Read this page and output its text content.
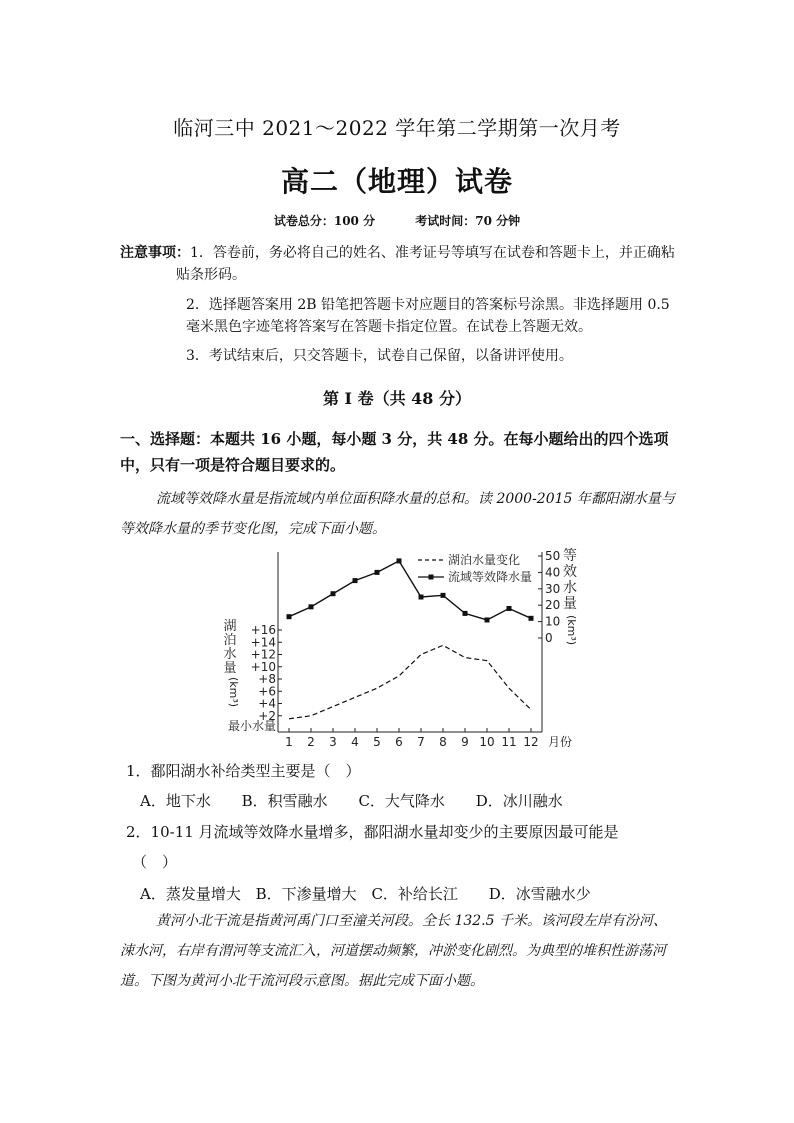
临河三中 2021～2022 学年第二学期第一次月考
高二（地理）试卷
试卷总分：100 分	考试时间：70 分钟
注意事项：1．答卷前，务必将自己的姓名、准考证号等填写在试卷和答题卡上，并正确粘
贴条形码。
2．选择题答案用 2B 铅笔把答题卡对应题目的答案标号涂黑。非选择题用 0.5 毫米黑色字迹笔将答案写在答题卡指定位置。在试卷上答题无效。
3．考试结束后，只交答题卡，试卷自己保留，以备讲评使用。
第 I 卷（共 48 分）
一、选择题：本题共 16 小题，每小题 3 分，共 48 分。在每小题给出的四个选项中，只有一项是符合题目要求的。
流域等效降水量是指流域内单位面积降水量的总和。读 2000-2015 年鄱阳湖水量与等效降水量的季节变化图，完成下面小题。
1 2 3 4 5 6 7 8 9 10 11 12 月份
+16
+14
+12
+10
+8
+6
+4
+2
最小水量
湖
泊
水
量
(km³)
50
40
30
20
10
0
等
效
水
量
(km³)
湖泊水量变化
流域等效降水量
1．鄱阳湖水补给类型主要是（　）
A．地下水 B．积雪融水 C．大气降水 D．冰川融水
2．10-11 月流域等效降水量增多，鄱阳湖水量却变少的主要原因最可能是
（　）
A．蒸发量增大 B．下渗量增大 C．补给长江 D．冰雪融水少
黄河小北干流是指黄河禹门口至潼关河段。全长 132.5 千米。该河段左岸有汾河、涑水河，右岸有渭河等支流汇入，河道摆动频繁，冲淤变化剧烈。为典型的堆积性游荡河道。下图为黄河小北干流河段示意图。据此完成下面小题。
